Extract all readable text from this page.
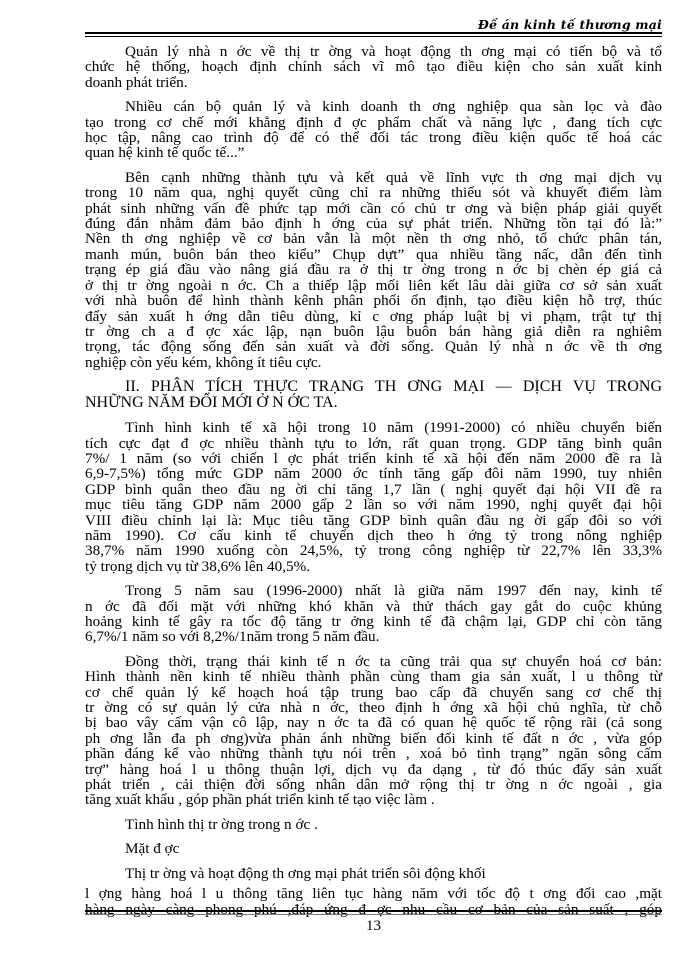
Đề án kinh tế thương mại

Quản lý nhà n ớc về thị tr ờng và hoạt động th ơng mại có tiến bộ và tổ
chức hệ thống, hoạch định chính sách vĩ mô tạo điều kiện cho sản xuất kinh
doanh phát triển.

Nhiều cán bộ quản lý và kinh doanh th ơng nghiệp qua sàn lọc và đào
tạo trong cơ chế mới khẳng định đ ợc phẩm chất và năng lực , đang tích cực
học tập, nâng cao trình độ để có thể đối tác trong điều kiện quốc tế hoá các
quan hệ kinh tế quốc tế...”

Bên cạnh những thành tựu và kết quả về lĩnh vực th ơng mại dịch vụ
trong 10 năm qua, nghị quyết cũng chỉ ra những thiếu sót và khuyết điểm làm
phát sinh những vấn đề phức tạp mới cần có chủ tr ơng và biện pháp giải quyết
đúng đắn nhằm đảm bảo định h ớng của sự phát triển. Những tồn tại đó là:”
Nền th ơng nghiệp về cơ bản vẫn là một nền th ơng nhỏ, tổ chức phân tán,
manh mún, buôn bán theo kiểu” Chụp dựt” qua nhiều tầng nấc, dẫn đến tình
trạng ép giá đầu vào nâng giá đầu ra ở thị tr ờng trong n ớc bị chèn ép giá cả
ở thị tr ờng ngoài n ớc. Ch a thiếp lập mối liên kết lâu dài giữa cơ sở sản xuất
với nhà buôn để hình thành kênh phân phối ổn định, tạo điều kiện hỗ trợ, thúc
đẩy sản xuất h ớng dẫn tiêu dùng, kỉ c ơng pháp luật bị vi phạm, trật tự thị
tr ờng ch a đ ợc xác lập, nạn buôn lậu buôn bán hàng giả diễn ra nghiêm
trọng, tác động sống đến sản xuất và đời sống. Quản lý nhà n ớc về th ơng
nghiệp còn yếu kém, không ít tiêu cực.

II. PHÂN TÍCH THỰC TRẠNG TH ƠNG MẠI — DỊCH VỤ TRONG
NHỮNG NĂM ĐỔI MỚI Ở N ỚC TA.

Tình hình kinh tế xã hội trong 10 năm (1991-2000) có nhiều chuyển biến
tích cực đạt đ ợc nhiều thành tựu to lớn, rất quan trọng. GDP tăng bình quân
7%/ 1 năm (so với chiến l ợc phát triển kinh tế xã hội đến năm 2000 đề ra là
6,9-7,5%) tổng mức GDP năm 2000 ớc tính tăng gấp đôi năm 1990, tuy nhiên
GDP bình quân theo đầu ng ời chỉ tăng 1,7 lần ( nghị quyết đại hội VII đề ra
mục tiêu tăng GDP năm 2000 gấp 2 lần so với năm 1990, nghị quyết đại hội
VIII điều chỉnh lại là: Mục tiêu tăng GDP bình quân đầu ng ời gấp đôi so với
năm 1990). Cơ cấu kinh tế chuyển dịch theo h ớng tỷ trong nông nghiệp
38,7% năm 1990 xuống còn 24,5%, tỷ trong công nghiệp từ 22,7% lên 33,3%
tỷ trọng dịch vụ từ 38,6% lên 40,5%.

Trong 5 năm sau (1996-2000) nhất là giữa năm 1997 đến nay, kinh tế
n ớc đã đối mặt với những khó khăn và thử thách gay gắt do cuộc khủng
hoảng kinh tế gây ra tốc độ tăng tr ởng kinh tế đã chậm lại, GDP chỉ còn tăng
6,7%/1 năm so với 8,2%/1năm trong 5 năm đầu.

Đồng thời, trạng thái kinh tế n ớc ta cũng trải qua sự chuyển hoá cơ bản:
Hình thành nền kinh tế nhiều thành phần cùng tham gia sản xuất, l u thông từ
cơ chế quản lý kế hoạch hoá tập trung bao cấp đã chuyển sang cơ chế thị
tr ờng có sự quản lý cửa nhà n ớc, theo định h ớng xã hội chủ nghĩa, từ chỗ
bị bao vây cấm vận cô lập, nay n ớc ta đã có quan hệ quốc tế rộng rãi (cả song
ph ơng lẫn đa ph ơng)vừa phản ánh những biến đổi kinh tế đất n ớc , vừa góp
phần đáng kể vào những thành tựu nói trên , xoá bỏ tình trạng” ngăn sông cấm
trợ” hàng hoá l u thông thuận lợi, dịch vụ đa dạng , từ đó thúc đẩy sản xuất
phát triển , cải thiện đời sống nhân dân mở rộng thị tr ờng n ớc ngoài , gia
tăng xuất khẩu , góp phần phát triển kinh tế tạo việc làm .

Tình hình thị tr ờng trong n ớc .

Mặt đ ợc

Thị tr ờng và hoạt động th ơng mại phát triển sôi động khối

l ợng hàng hoá l u thông tăng liên tục hàng năm với tốc độ t ơng đối cao ,mặt
hàng ngày càng phong phú ,đáp ứng đ ợc nhu cầu cơ bản của sản suất , góp

13
